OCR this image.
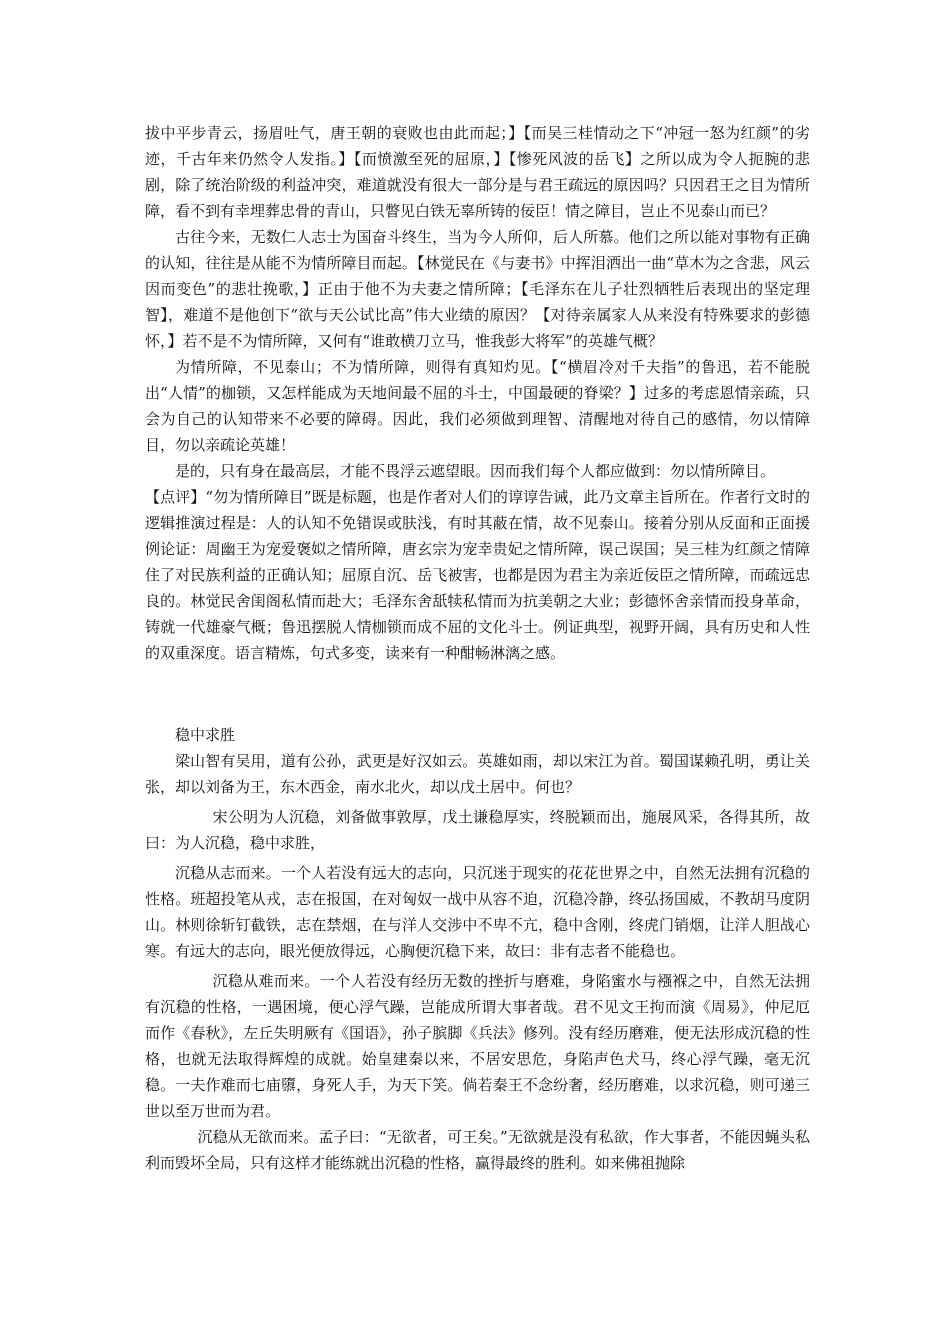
拔中平步青云，扬眉吐气，唐王朝的衰败也由此而起；】【而吴三桂情动之下“冲冠一怒为红颜”的劣迹，千古年来仍然令人发指。】【而愤激至死的屈原，】【惨死风波的岳飞】之所以成为令人扼腕的悲剧，除了统治阶级的利益冲突，难道就没有很大一部分是与君王疏远的原因吗？只因君王之目为情所障，看不到有幸埋葬忠骨的青山，只瞥见白铁无辜所铸的佞臣！情之障目，岂止不见泰山而已？

古往今来，无数仁人志士为国奋斗终生，当为今人所仰，后人所慕。他们之所以能对事物有正确的认知，往往是从能不为情所障目而起。【林觉民在《与妻书》中挥泪洒出一曲“草木为之含悲，风云因而变色”的悲壮挽歌，】正由于他不为夫妻之情所障；【毛泽东在儿子壮烈牺牲后表现出的坚定理智】，难道不是他创下“欲与天公试比高”伟大业绩的原因？【对待亲属家人从来没有特殊要求的彭德怀，】若不是不为情所障，又何有“谁敢横刀立马，惟我彭大将军”的英雄气概？

为情所障，不见泰山；不为情所障，则得有真知灼见。【“横眉冷对千夫指”的鲁迅，若不能脱出“人情”的枷锁，又怎样能成为天地间最不屈的斗士，中国最硬的脊梁？】过多的考虑恩情亲疏，只会为自己的认知带来不必要的障碍。因此，我们必须做到理智、清醒地对待自己的感情，勿以情障目，勿以亲疏论英雄！

是的，只有身在最高层，才能不畏浮云遮望眼。因而我们每个人都应做到：勿以情所障目。

【点评】“勿为情所障目”既是标题，也是作者对人们的谆谆告诫，此乃文章主旨所在。作者行文时的逻辑推演过程是：人的认知不免错误或肤浅，有时其蔽在情，故不见泰山。接着分别从反面和正面援例论证：周幽王为宠爱褒姒之情所障，唐玄宗为宠幸贵妃之情所障，误己误国；吴三桂为红颜之情障住了对民族利益的正确认知；屈原自沉、岳飞被害，也都是因为君主为亲近佞臣之情所障，而疏远忠良的。林觉民舍闺阁私情而赴大；毛泽东舍舐犊私情而为抗美朝之大业；彭德怀舍亲情而投身革命，铸就一代雄豪气概；鲁迅摆脱人情枷锁而成不屈的文化斗士。例证典型，视野开阔，具有历史和人性的双重深度。语言精炼，句式多变，读来有一种酣畅淋漓之感。

稳中求胜

梁山智有吴用，道有公孙，武更是好汉如云。英雄如雨，却以宋江为首。蜀国谋赖孔明，勇让关张，却以刘备为王，东木西金，南水北火，却以戊土居中。何也？

宋公明为人沉稳，刘备做事敦厚，戊土谦稳厚实，终脱颖而出，施展风采，各得其所，故曰：为人沉稳，稳中求胜，

沉稳从志而来。一个人若没有远大的志向，只沉迷于现实的花花世界之中，自然无法拥有沉稳的性格。班超投笔从戎，志在报国，在对匈奴一战中从容不迫，沉稳冷静，终弘扬国威，不教胡马度阴山。林则徐斩钉截铁，志在禁烟，在与洋人交涉中不卑不亢，稳中含刚，终虎门销烟，让洋人胆战心寒。有远大的志向，眼光便放得远，心胸便沉稳下来，故曰：非有志者不能稳也。

沉稳从难而来。一个人若没有经历无数的挫折与磨难，身陷蜜水与襁褓之中，自然无法拥有沉稳的性格，一遇困境，便心浮气躁，岂能成所谓大事者哉。君不见文王拘而演《周易》，仲尼厄而作《春秋》，左丘失明厥有《国语》，孙子膑脚《兵法》修列。没有经历磨难，便无法形成沉稳的性格，也就无法取得辉煌的成就。始皇建秦以来，不居安思危，身陷声色犬马，终心浮气躁，毫无沉稳。一夫作难而七庙隳，身死人手，为天下笑。倘若秦王不念纷奢，经历磨难，以求沉稳，则可递三世以至万世而为君。

沉稳从无欲而来。孟子曰：“无欲者，可王矣。”无欲就是没有私欲，作大事者，不能因蝇头私利而毁坏全局，只有这样才能练就出沉稳的性格，赢得最终的胜利。如来佛祖抛除
